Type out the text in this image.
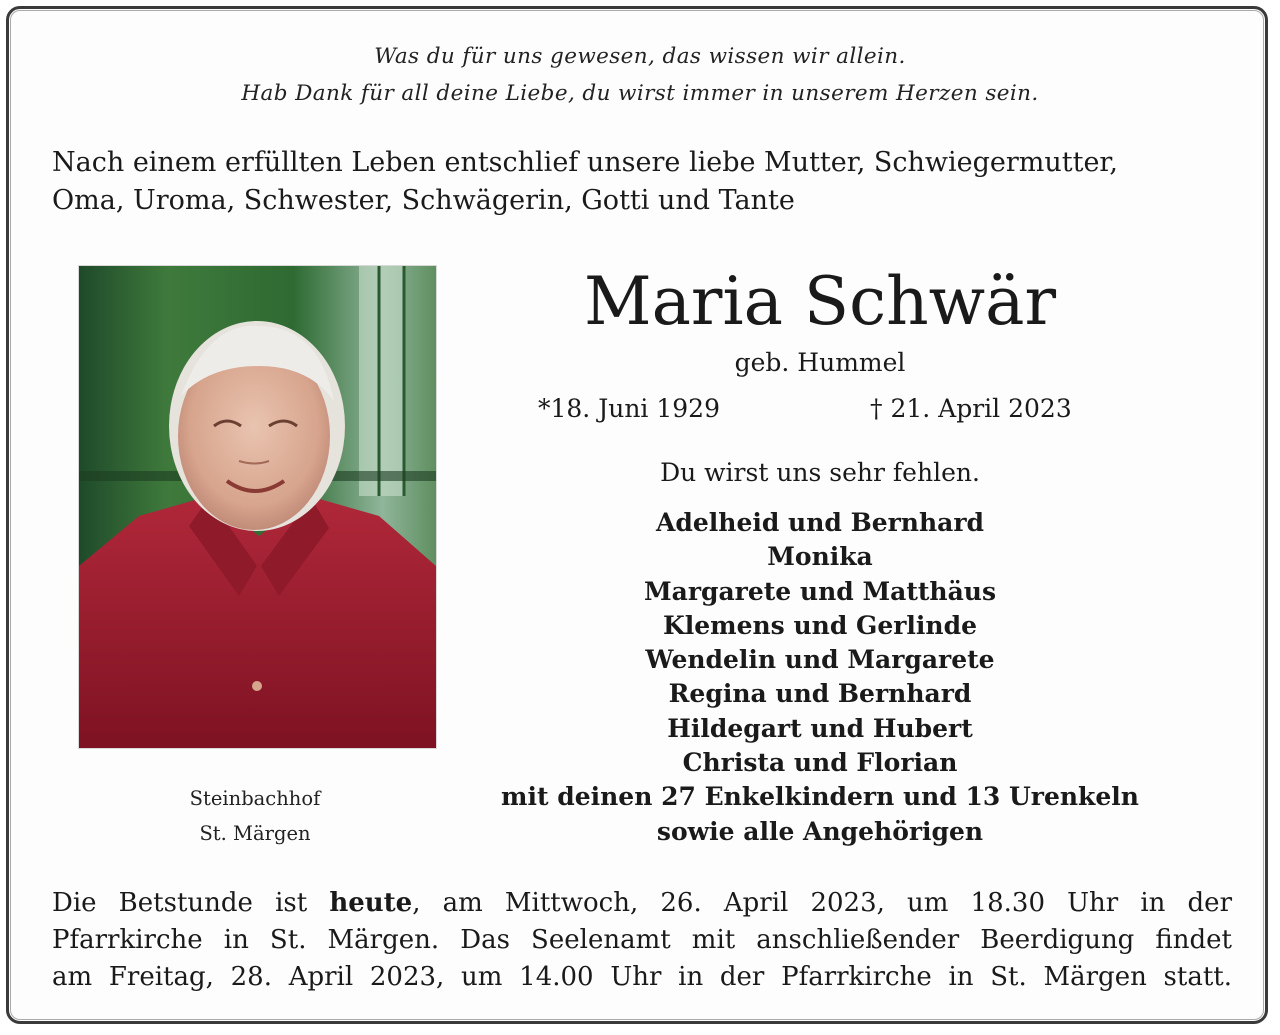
Was du für uns gewesen, das wissen wir allein.
Hab Dank für all deine Liebe, du wirst immer in unserem Herzen sein.
Nach einem erfüllten Leben entschlief unsere liebe Mutter, Schwiegermutter,
Oma, Uroma, Schwester, Schwägerin, Gotti und Tante
Steinbachhof
St. Märgen
Maria Schwär
geb. Hummel
*18. Juni 1929	† 21. April 2023
Du wirst uns sehr fehlen.
Adelheid und Bernhard
Monika
Margarete und Matthäus
Klemens und Gerlinde
Wendelin und Margarete
Regina und Bernhard
Hildegart und Hubert
Christa und Florian
mit deinen 27 Enkelkindern und 13 Urenkeln
sowie alle Angehörigen
Die Betstunde ist heute, am Mittwoch, 26. April 2023, um 18.30 Uhr in der
Pfarrkirche in St. Märgen. Das Seelenamt mit anschließender Beerdigung findet
am Freitag, 28. April 2023, um 14.00 Uhr in der Pfarrkirche in St. Märgen statt.
